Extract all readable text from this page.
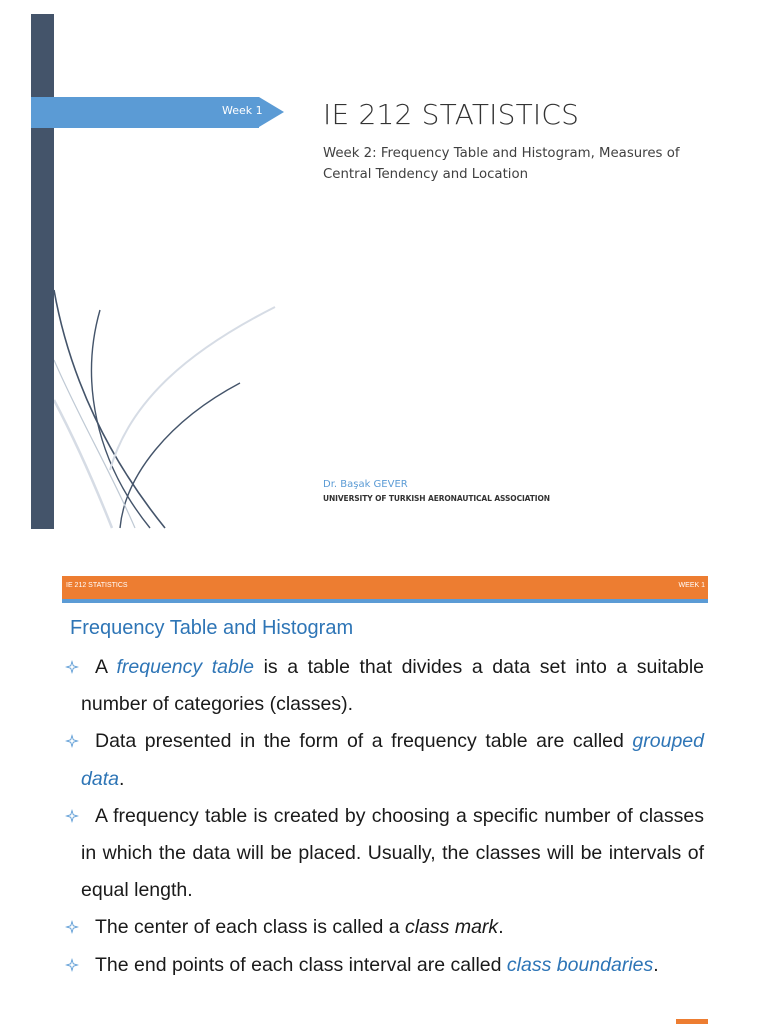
Week 1 IE 212 STATISTICS
Week 2: Frequency Table and Histogram, Measures of Central Tendency and Location
Dr. Başak GEVER
UNIVERSITY OF TURKISH AERONAUTICAL ASSOCIATION
IE 212 STATISTICS	WEEK 1
Frequency Table and Histogram
A frequency table is a table that divides a data set into a suitable number of categories (classes).
Data presented in the form of a frequency table are called grouped data.
A frequency table is created by choosing a specific number of classes in which the data will be placed. Usually, the classes will be intervals of equal length.
The center of each class is called a class mark.
The end points of each class interval are called class boundaries.
